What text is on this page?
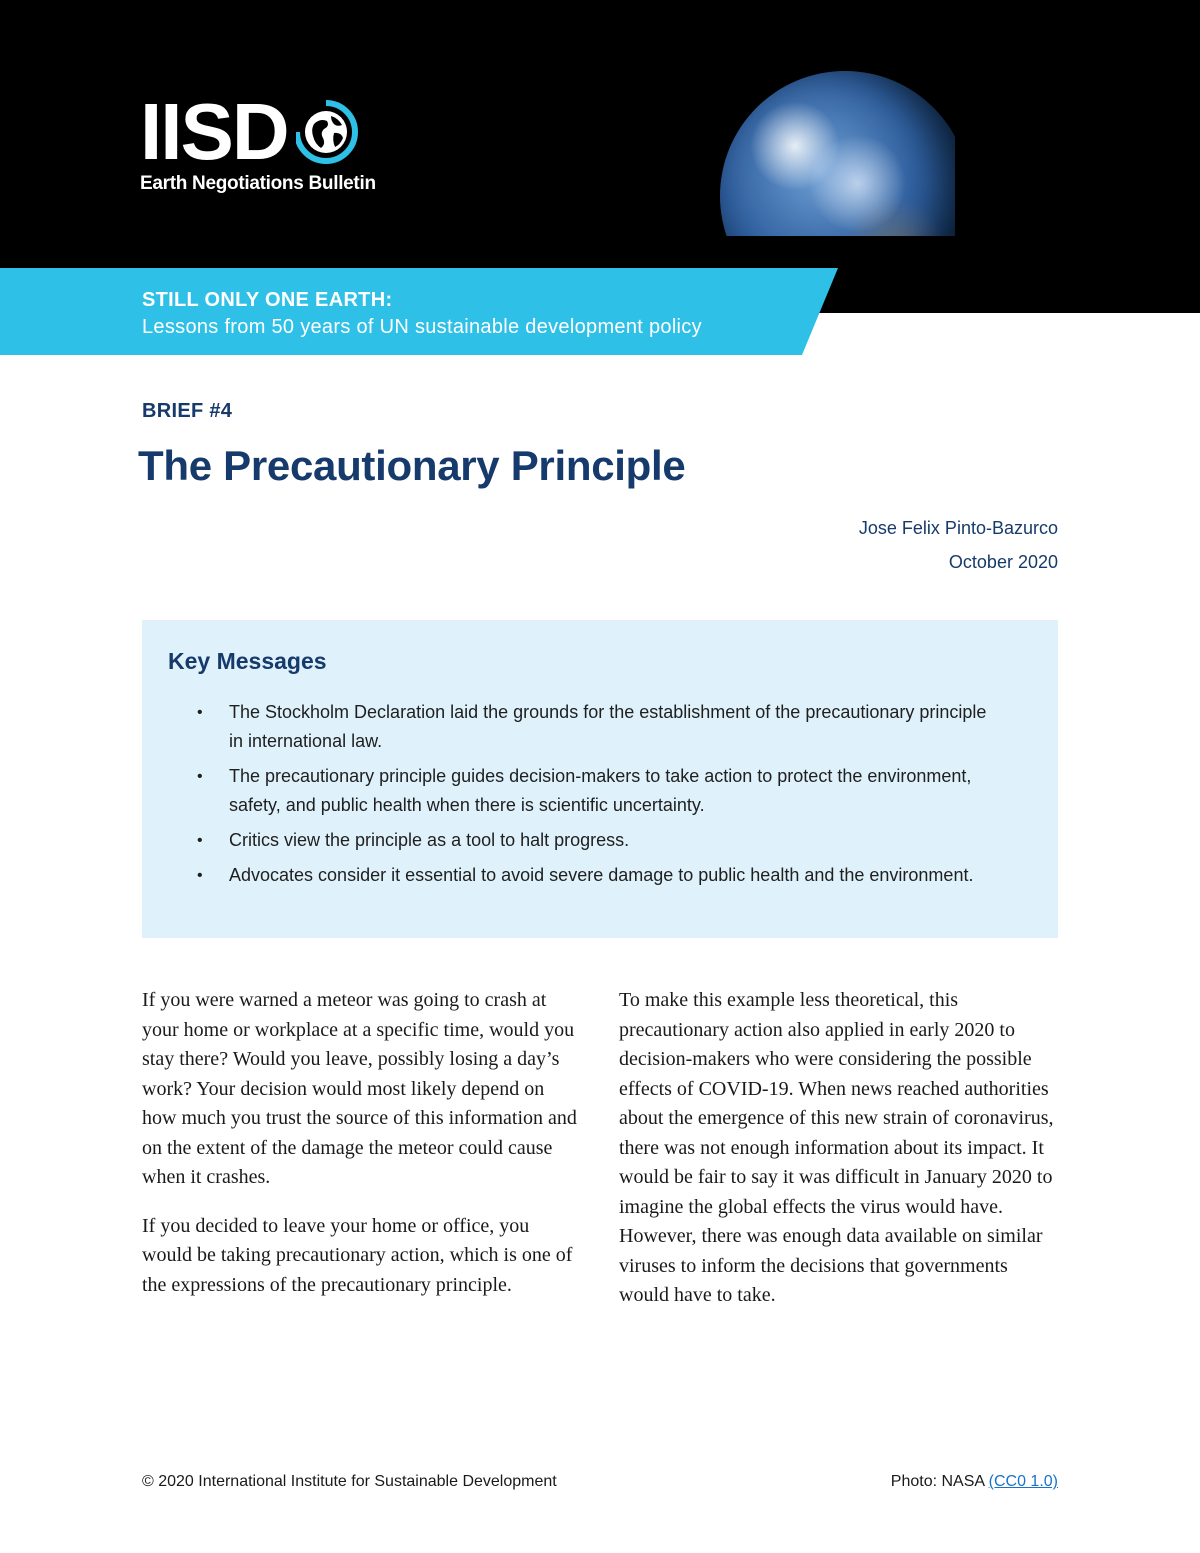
IISD
Earth Negotiations Bulletin
STILL ONLY ONE EARTH:
Lessons from 50 years of UN sustainable development policy
BRIEF #4
The Precautionary Principle
Jose Felix Pinto-Bazurco
October 2020
Key Messages
• The Stockholm Declaration laid the grounds for the establishment of the precautionary principle in international law.
• The precautionary principle guides decision-makers to take action to protect the environment, safety, and public health when there is scientific uncertainty.
• Critics view the principle as a tool to halt progress.
• Advocates consider it essential to avoid severe damage to public health and the environment.

If you were warned a meteor was going to crash at your home or workplace at a specific time, would you stay there? Would you leave, possibly losing a day’s work? Your decision would most likely depend on how much you trust the source of this information and on the extent of the damage the meteor could cause when it crashes.

If you decided to leave your home or office, you would be taking precautionary action, which is one of the expressions of the precautionary principle.

To make this example less theoretical, this precautionary action also applied in early 2020 to decision-makers who were considering the possible effects of COVID-19. When news reached authorities about the emergence of this new strain of coronavirus, there was not enough information about its impact. It would be fair to say it was difficult in January 2020 to imagine the global effects the virus would have. However, there was enough data available on similar viruses to inform the decisions that governments would have to take.

© 2020 International Institute for Sustainable Development	Photo: NASA (CC0 1.0)
